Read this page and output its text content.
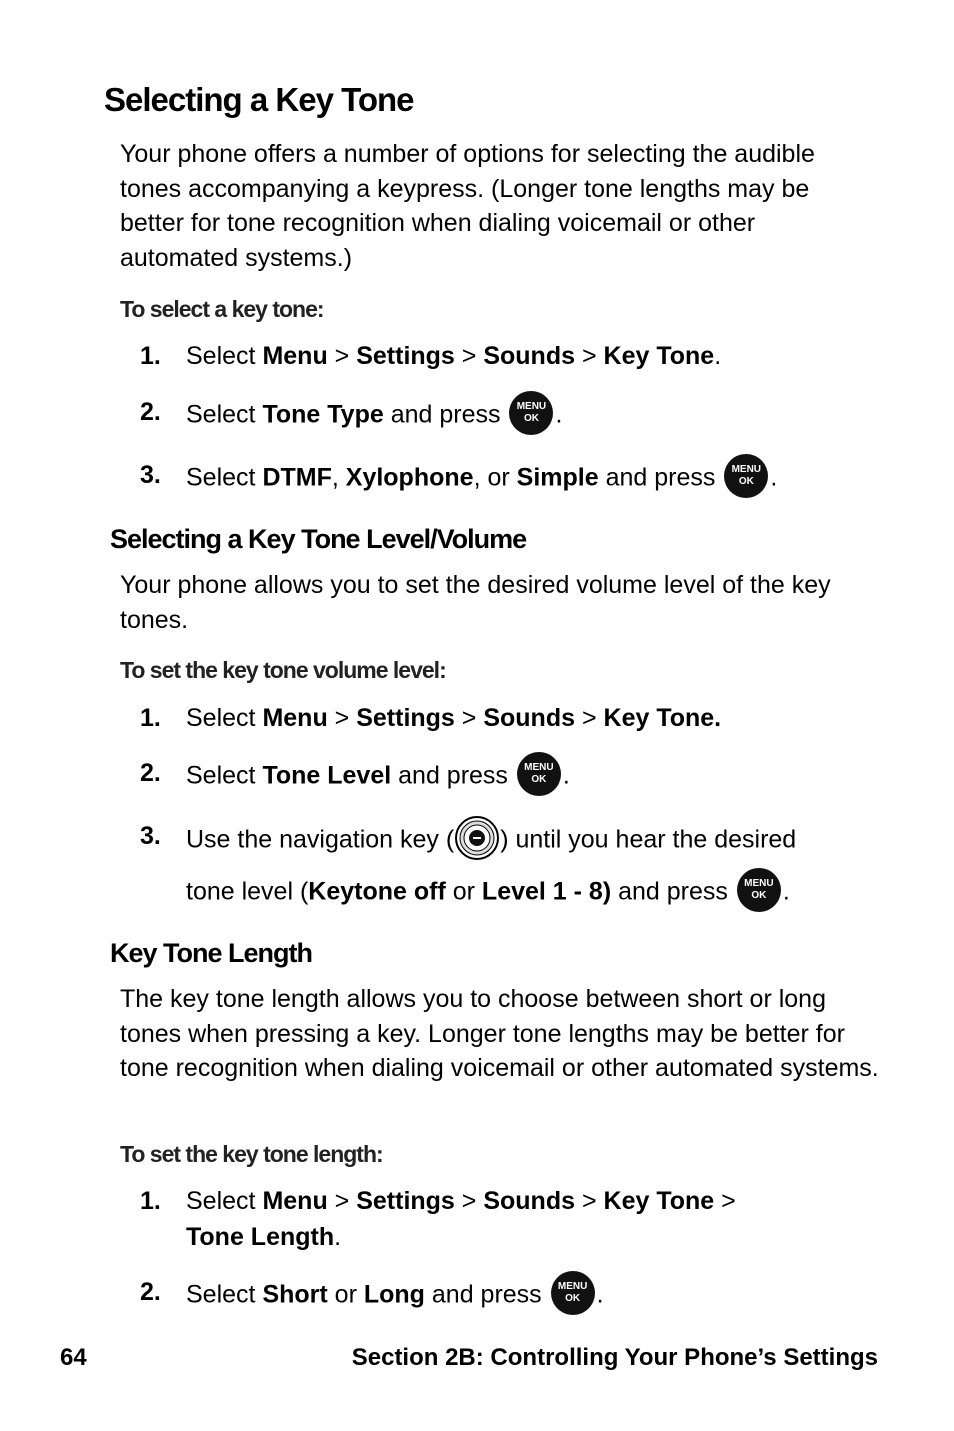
Selecting a Key Tone

Your phone offers a number of options for selecting the audible tones accompanying a keypress. (Longer tone lengths may be better for tone recognition when dialing voicemail or other automated systems.)

To select a key tone:

1. Select Menu > Settings > Sounds > Key Tone.
2. Select Tone Type and press MENU
OK .
3. Select DTMF, Xylophone, or Simple and press MENU
OK .
Selecting a Key Tone Level/Volume

Your phone allows you to set the desired volume level of the key tones.

To set the key tone volume level:

1. Select Menu > Settings > Sounds > Key Tone.
2. Select Tone Level and press MENU
OK .
3. Use the navigation key ( ) until you hear the desired
tone level (Keytone off or Level 1 - 8) and press MENU
OK .
Key Tone Length

The key tone length allows you to choose between short or long tones when pressing a key. Longer tone lengths may be better for tone recognition when dialing voicemail or other automated systems.

To set the key tone length:

1. Select Menu > Settings > Sounds > Key Tone >
Tone Length.
2. Select Short or Long and press MENU
OK .
64	Section 2B: Controlling Your Phone’s Settings
